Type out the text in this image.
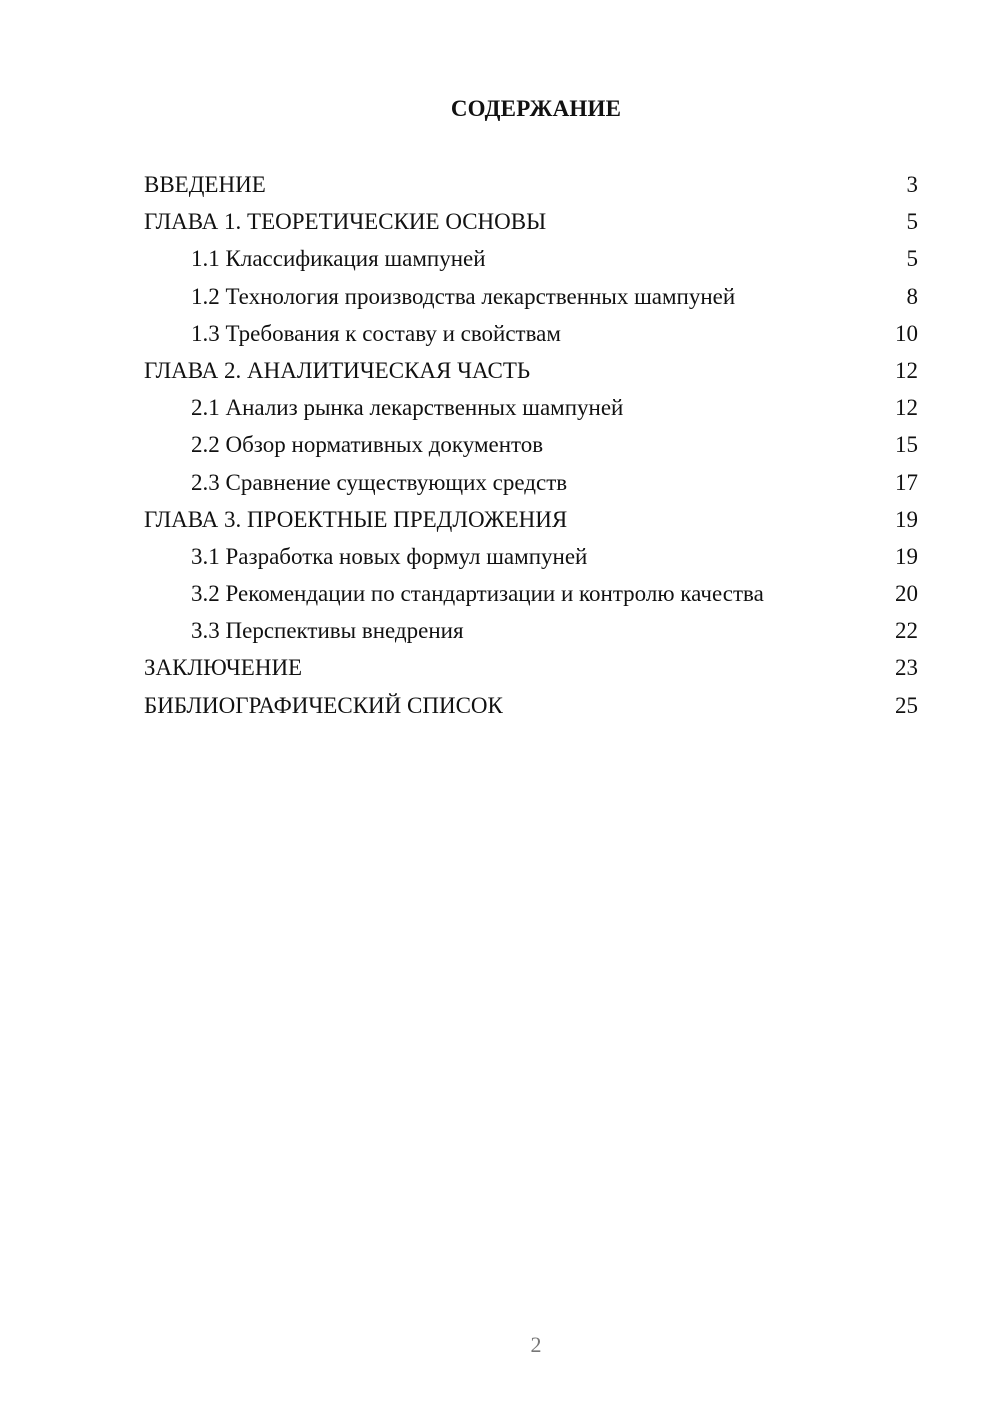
СОДЕРЖАНИЕ
ВВЕДЕНИЕ	3
ГЛАВА 1. ТЕОРЕТИЧЕСКИЕ ОСНОВЫ	5
1.1 Классификация шампуней	5
1.2 Технология производства лекарственных шампуней	8
1.3 Требования к составу и свойствам	10
ГЛАВА 2. АНАЛИТИЧЕСКАЯ ЧАСТЬ	12
2.1 Анализ рынка лекарственных шампуней	12
2.2 Обзор нормативных документов	15
2.3 Сравнение существующих средств	17
ГЛАВА 3. ПРОЕКТНЫЕ ПРЕДЛОЖЕНИЯ	19
3.1 Разработка новых формул шампуней	19
3.2 Рекомендации по стандартизации и контролю качества	20
3.3 Перспективы внедрения	22
ЗАКЛЮЧЕНИЕ	23
БИБЛИОГРАФИЧЕСКИЙ СПИСОК	25
2
